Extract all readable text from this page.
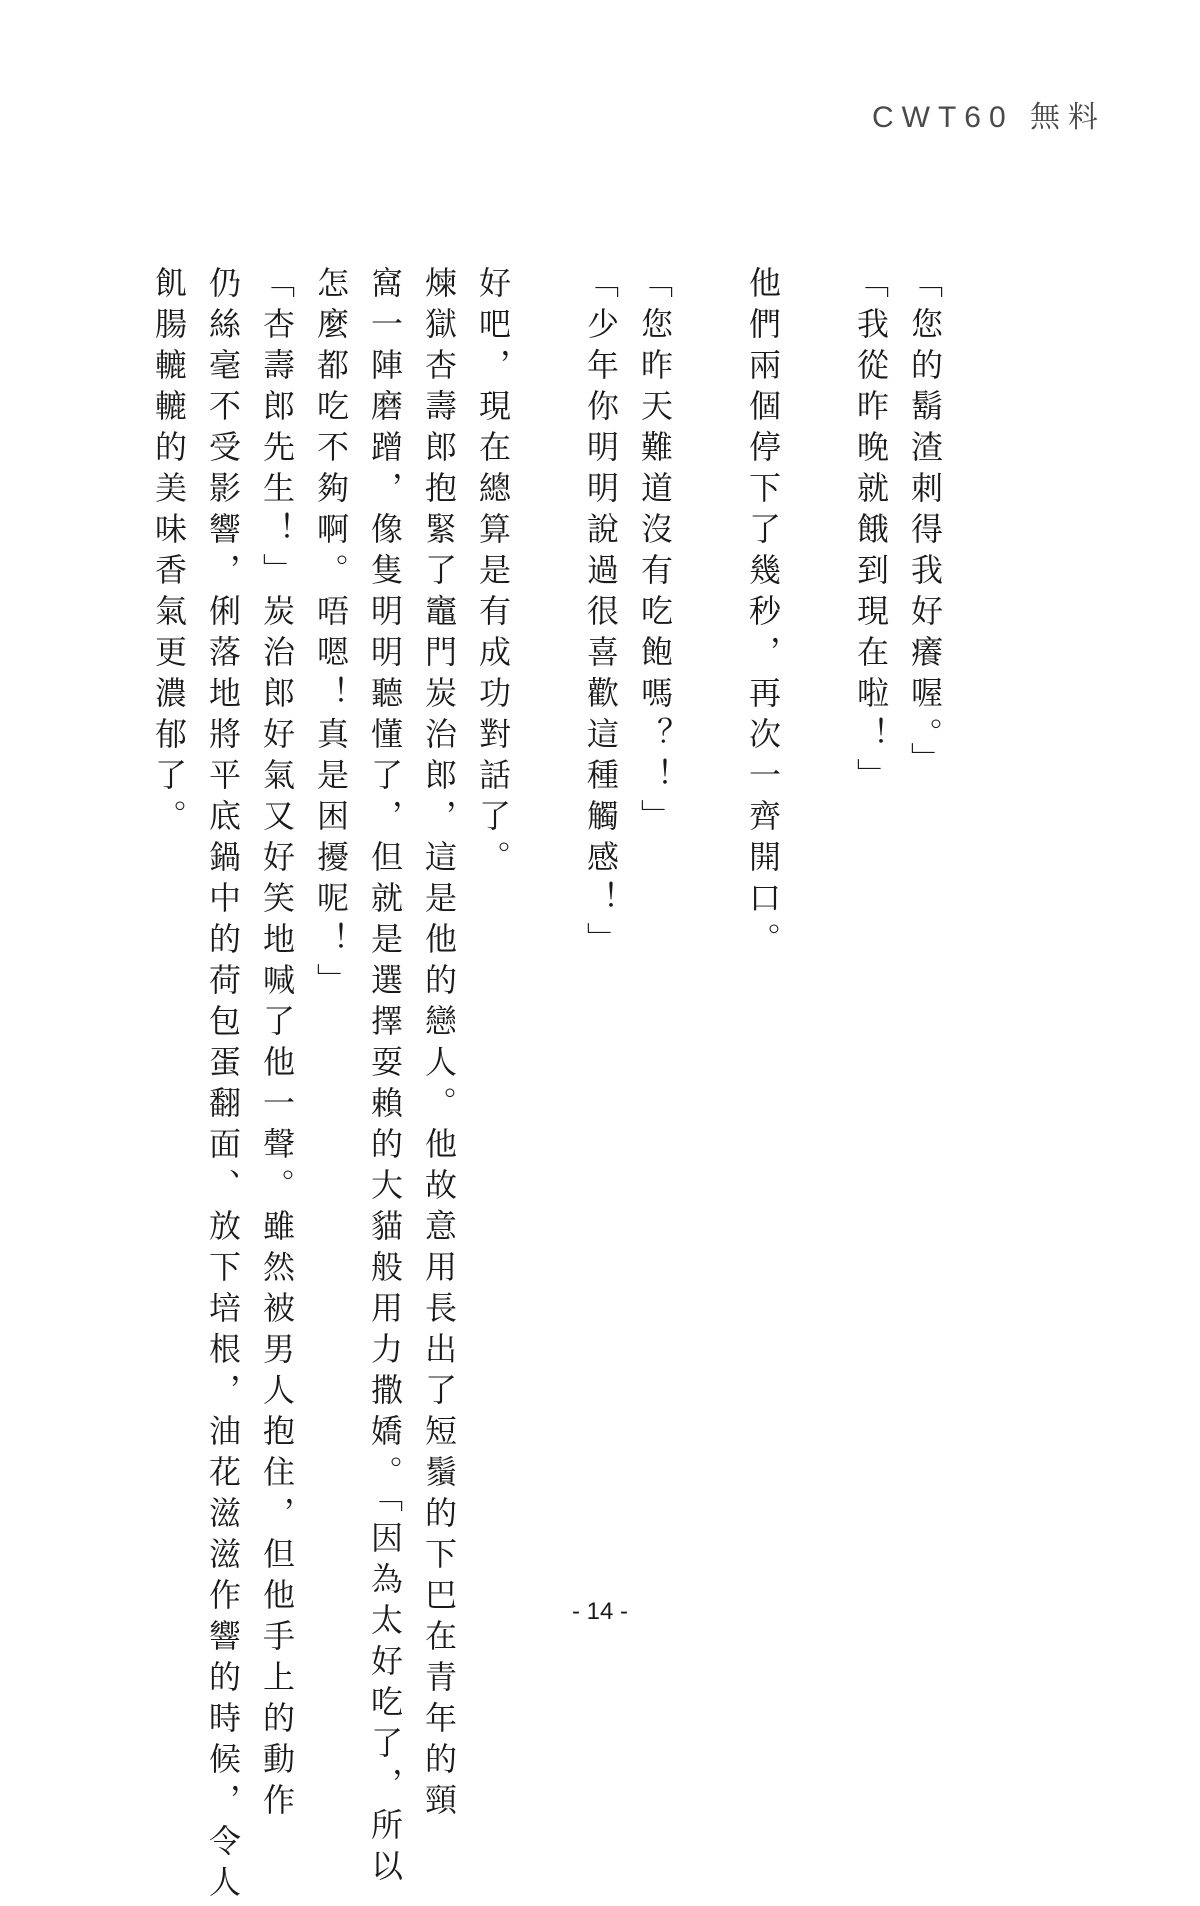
CWT60 無料
「您的鬍渣刺得我好癢喔。」
「我從昨晚就餓到現在啦！」
他們兩個停下了幾秒，再次一齊開口。
「您昨天難道沒有吃飽嗎？！」
「少年你明明說過很喜歡這種觸感！」
好吧，現在總算是有成功對話了。
煉獄杏壽郎抱緊了竈門炭治郎，這是他的戀人。他故意用長出了短鬚的下巴在青年的頸
窩一陣磨蹭，像隻明明聽懂了，但就是選擇耍賴的大貓般用力撒嬌。「因為太好吃了，所以
怎麼都吃不夠啊。唔嗯！真是困擾呢！」
「杏壽郎先生！」炭治郎好氣又好笑地喊了他一聲。雖然被男人抱住，但他手上的動作
仍絲毫不受影響，俐落地將平底鍋中的荷包蛋翻面、放下培根，油花滋滋作響的時候，令人
飢腸轆轆的美味香氣更濃郁了。
- 14 -
